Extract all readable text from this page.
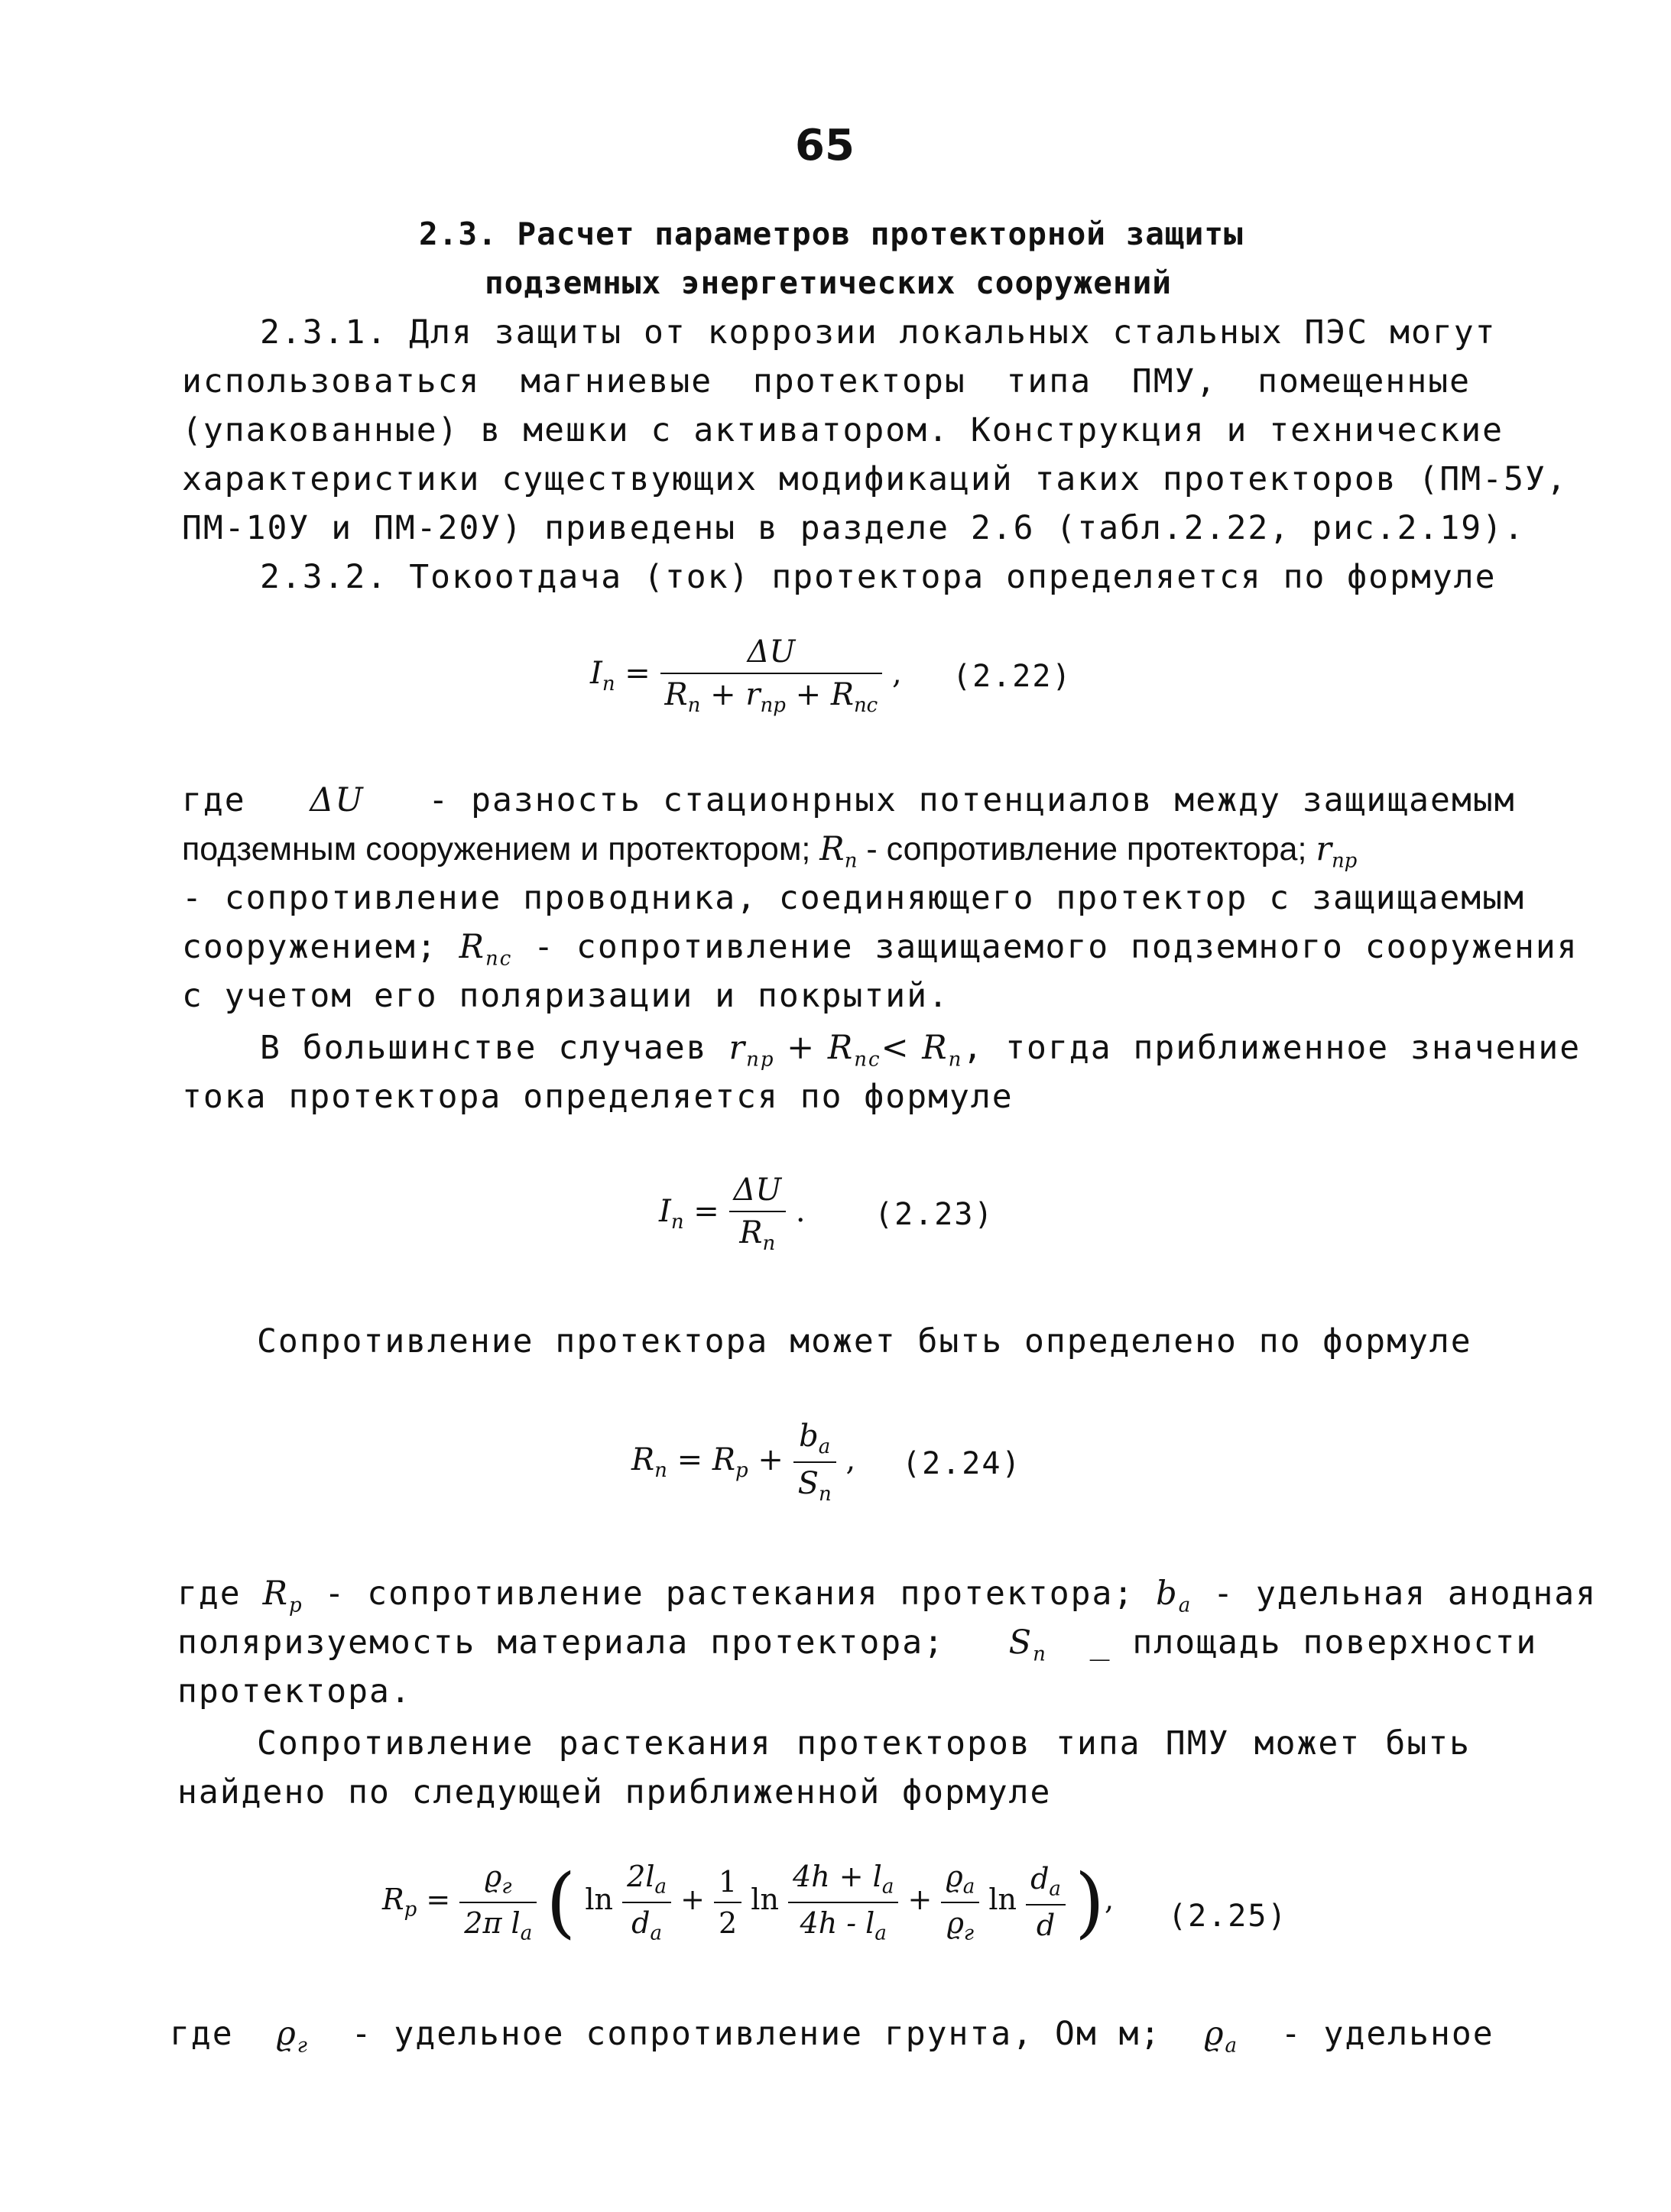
65
2.3. Расчет параметров протекторной защиты
подземных энергетических сооружений
2.3.1. Для защиты от коррозии локальных стальных ПЭС могут
использоваться магниевые протекторы типа ПМУ, помещенные
(упакованные) в мешки с активатором. Конструкция и технические
характеристики существующих модификаций таких протекторов (ПМ-5У,
ПМ-10У и ПМ-20У) приведены в разделе 2.6 (табл.2.22, рис.2.19).
2.3.2. Токоотдача (ток) протектора определяется по формуле
$I_п = \frac{\Delta U}{R_п + r_{пр} + R_{пс}}$ , (2.22)
где ΔU - разность стационрных потенциалов между защищаемым
подземным сооружением и протектором; $R_п$ - сопротивление протектора; $r_{пр}$
- сопротивление проводника, соединяющего протектор с защищаемым
сооружением; $R_{пс}$ - сопротивление защищаемого подземного сооружения
с учетом его поляризации и покрытий.
В большинстве случаев $r_{пр} + R_{пс}< R_п$, тогда приближенное значение
тока протектора определяется по формуле
$I_п = \frac{\Delta U}{R_п}$ . (2.23)
Сопротивление протектора может быть определено по формуле
$R_п = R_р + \frac{b_a}{S_п}$ , (2.24)
где $R_р$ - сопротивление растекания протектора; $b_a$ - удельная анодная
поляризуемость материала протектора; $S_п$ _ площадь поверхности
протектора.
Сопротивление растекания протекторов типа ПМУ может быть
найдено по следующей приближенной формуле
$R_р = \frac{ϱ_г}{2\pi l_a}$ ( $\ln \frac{2l_a}{d_a} + \frac{1}{2}$ $\ln \frac{4h + l_a}{4h - l_a} + \frac{ϱ_a}{ϱ_г}$ $\ln \frac{d_a}{d}$ ), (2.25)
где $ϱ_г$ - удельное сопротивление грунта, Ом м; $ϱ_a$ - удельное
